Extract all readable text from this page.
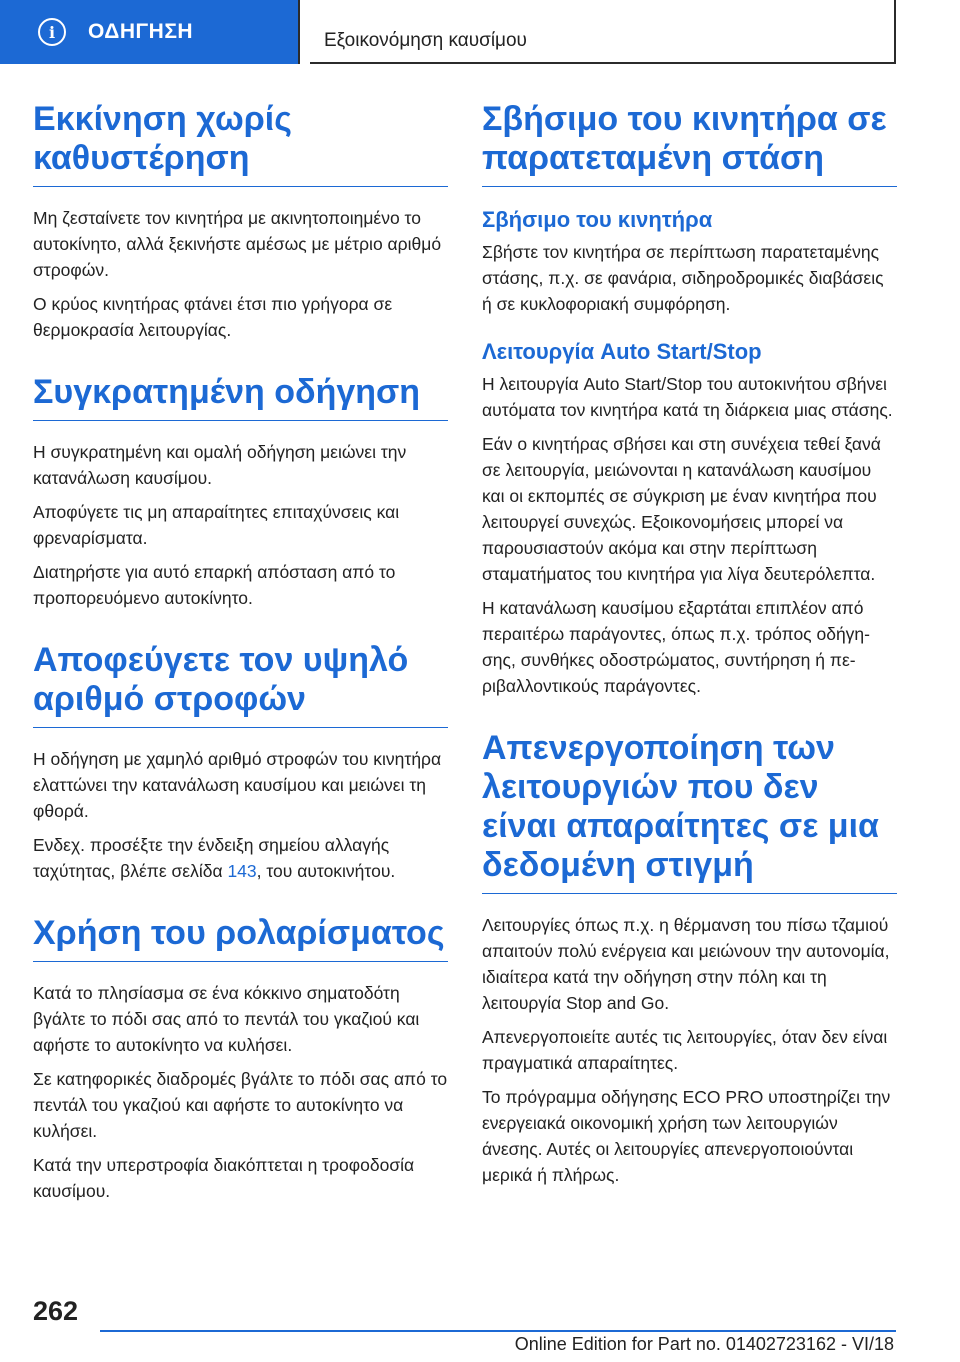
i	ΟΔΗΓΗΣΗ	Εξοικονόμηση καυσίμου
Εκκίνηση χωρίς καθυστέρηση
Μη ζεσταίνετε τον κινητήρα με ακινητοποιημένο το αυτοκίνητο, αλλά ξεκινήστε αμέσως με μέτριο αριθμό στροφών.
Ο κρύος κινητήρας φτάνει έτσι πιο γρήγορα σε θερμοκρασία λειτουργίας.
Συγκρατημένη οδήγηση
Η συγκρατημένη και ομαλή οδήγηση μειώνει την κατανάλωση καυσίμου.
Αποφύγετε τις μη απαραίτητες επιταχύνσεις και φρεναρίσματα.
Διατηρήστε για αυτό επαρκή απόσταση από το προπορευόμενο αυτοκίνητο.
Αποφεύγετε τον υψηλό αριθμό στροφών
Η οδήγηση με χαμηλό αριθμό στροφών του κινητήρα ελαττώνει την κατανάλωση καυσίμου και μειώνει τη φθορά.
Ενδεχ. προσέξτε την ένδειξη σημείου αλλαγής ταχύτητας, βλέπε σελίδα 143, του αυτοκινήτου.
Χρήση του ρολαρίσματος
Κατά το πλησίασμα σε ένα κόκκινο σηματοδότη βγάλτε το πόδι σας από το πεντάλ του γκαζιού και αφήστε το αυτοκίνητο να κυλήσει.
Σε κατηφορικές διαδρομές βγάλτε το πόδι σας από το πεντάλ του γκαζιού και αφήστε το αυτοκίνητο να κυλήσει.
Κατά την υπερστροφία διακόπτεται η τροφοδοσία καυσίμου.
Σβήσιμο του κινητήρα σε παρατεταμένη στάση
Σβήσιμο του κινητήρα
Σβήστε τον κινητήρα σε περίπτωση παρατεταμένης στάσης, π.χ. σε φανάρια, σιδηροδρομικές διαβάσεις ή σε κυκλοφοριακή συμφόρηση.
Λειτουργία Auto Start/Stop
Η λειτουργία Auto Start/Stop του αυτοκινήτου σβήνει αυτόματα τον κινητήρα κατά τη διάρκεια μιας στάσης.
Εάν ο κινητήρας σβήσει και στη συνέχεια τεθεί ξανά σε λειτουργία, μειώνονται η κατανάλωση καυσίμου και οι εκπομπές σε σύγκριση με έναν κινητήρα που λειτουργεί συνεχώς. Εξοικονομήσεις μπορεί να παρουσιαστούν ακόμα και στην περίπτωση σταματήματος του κινητήρα για λίγα δευτερόλεπτα.
Η κατανάλωση καυσίμου εξαρτάται επιπλέον από περαιτέρω παράγοντες, όπως π.χ. τρόπος οδήγησης, συνθήκες οδοστρώματος, συντήρηση ή περιβαλλοντικούς παράγοντες.
Απενεργοποίηση των λειτουργιών που δεν είναι απαραίτητες σε μια δεδομένη στιγμή
Λειτουργίες όπως π.χ. η θέρμανση του πίσω τζαμιού απαιτούν πολύ ενέργεια και μειώνουν την αυτονομία, ιδιαίτερα κατά την οδήγηση στην πόλη και τη λειτουργία Stop and Go.
Απενεργοποιείτε αυτές τις λειτουργίες, όταν δεν είναι πραγματικά απαραίτητες.
Το πρόγραμμα οδήγησης ECO PRO υποστηρίζει την ενεργειακά οικονομική χρήση των λειτουργιών άνεσης. Αυτές οι λειτουργίες απενεργοποιούνται μερικά ή πλήρως.
262
Online Edition for Part no. 01402723162 - VI/18
